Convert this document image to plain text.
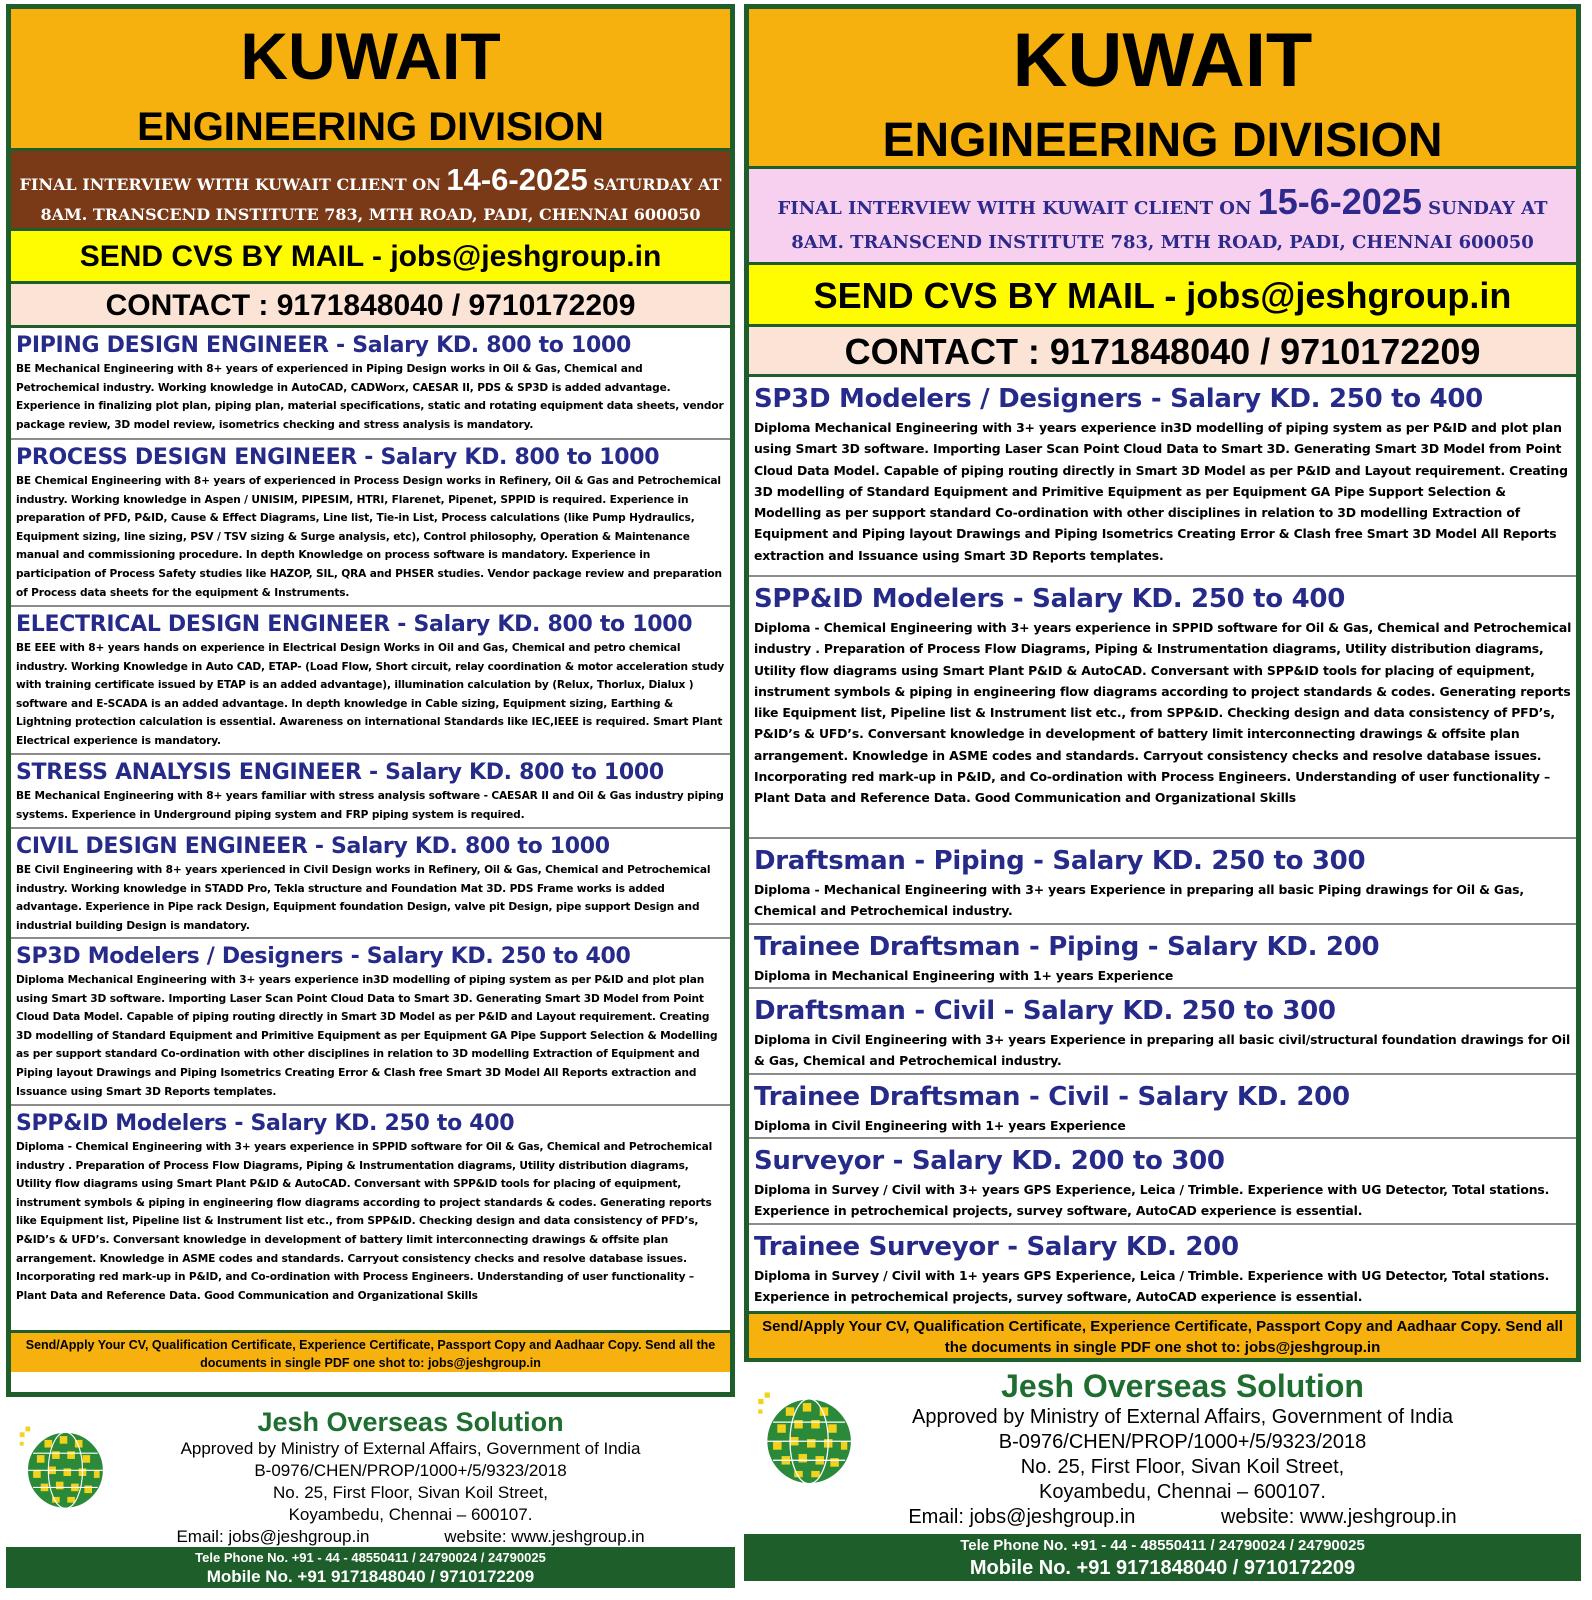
KUWAIT
ENGINEERING DIVISION
FINAL INTERVIEW WITH KUWAIT CLIENT ON 14-6-2025 SATURDAY AT 8AM. TRANSCEND INSTITUTE 783, MTH ROAD, PADI, CHENNAI 600050
SEND CVS BY MAIL - jobs@jeshgroup.in
CONTACT : 9171848040 / 9710172209
PIPING DESIGN ENGINEER - Salary KD. 800 to 1000
BE Mechanical Engineering with 8+ years of experienced in Piping Design works in Oil & Gas, Chemical and Petrochemical industry. Working knowledge in AutoCAD, CADWorx, CAESAR II, PDS & SP3D is added advantage. Experience in finalizing plot plan, piping plan, material specifications, static and rotating equipment data sheets, vendor package review, 3D model review, isometrics checking and stress analysis is mandatory.
PROCESS DESIGN ENGINEER - Salary KD. 800 to 1000
BE Chemical Engineering with 8+ years of experienced in Process Design works in Refinery, Oil & Gas and Petrochemical industry. Working knowledge in Aspen / UNISIM, PIPESIM, HTRI, Flarenet, Pipenet, SPPID is required. Experience in preparation of PFD, P&ID, Cause & Effect Diagrams, Line list, Tie-in List, Process calculations (like Pump Hydraulics, Equipment sizing, line sizing, PSV / TSV sizing & Surge analysis, etc), Control philosophy, Operation & Maintenance manual and commissioning procedure. In depth Knowledge on process software is mandatory. Experience in participation of Process Safety studies like HAZOP, SIL, QRA and PHSER studies. Vendor package review and preparation of Process data sheets for the equipment & Instruments.
ELECTRICAL DESIGN ENGINEER - Salary KD. 800 to 1000
BE EEE with 8+ years hands on experience in Electrical Design Works in Oil and Gas, Chemical and petro chemical industry. Working Knowledge in Auto CAD, ETAP- (Load Flow, Short circuit, relay coordination & motor acceleration study with training certificate issued by ETAP is an added advantage), illumination calculation by (Relux, Thorlux, Dialux ) software and E-SCADA is an added advantage. In depth knowledge in Cable sizing, Equipment sizing, Earthing & Lightning protection calculation is essential. Awareness on international Standards like IEC,IEEE is required. Smart Plant Electrical experience is mandatory.
STRESS ANALYSIS ENGINEER - Salary KD. 800 to 1000
BE Mechanical Engineering with 8+ years familiar with stress analysis software - CAESAR II and Oil & Gas industry piping systems. Experience in Underground piping system and FRP piping system is required.
CIVIL DESIGN ENGINEER - Salary KD. 800 to 1000
BE Civil Engineering with 8+ years xperienced in Civil Design works in Refinery, Oil & Gas, Chemical and Petrochemical industry. Working knowledge in STADD Pro, Tekla structure and Foundation Mat 3D. PDS Frame works is added advantage. Experience in Pipe rack Design, Equipment foundation Design, valve pit Design, pipe support Design and industrial building Design is mandatory.
SP3D Modelers / Designers - Salary KD. 250 to 400
Diploma Mechanical Engineering with 3+ years experience in3D modelling of piping system as per P&ID and plot plan using Smart 3D software. Importing Laser Scan Point Cloud Data to Smart 3D. Generating Smart 3D Model from Point Cloud Data Model. Capable of piping routing directly in Smart 3D Model as per P&ID and Layout requirement. Creating 3D modelling of Standard Equipment and Primitive Equipment as per Equipment GA Pipe Support Selection & Modelling as per support standard Co-ordination with other disciplines in relation to 3D modelling Extraction of Equipment and Piping layout Drawings and Piping Isometrics Creating Error & Clash free Smart 3D Model All Reports extraction and Issuance using Smart 3D Reports templates.
SPP&ID Modelers - Salary KD. 250 to 400
Diploma - Chemical Engineering with 3+ years experience in SPPID software for Oil & Gas, Chemical and Petrochemical industry . Preparation of Process Flow Diagrams, Piping & Instrumentation diagrams, Utility distribution diagrams, Utility flow diagrams using Smart Plant P&ID & AutoCAD. Conversant with SPP&ID tools for placing of equipment, instrument symbols & piping in engineering flow diagrams according to project standards & codes. Generating reports like Equipment list, Pipeline list & Instrument list etc., from SPP&ID. Checking design and data consistency of PFD’s, P&ID’s & UFD’s. Conversant knowledge in development of battery limit interconnecting drawings & offsite plan arrangement. Knowledge in ASME codes and standards. Carryout consistency checks and resolve database issues. Incorporating red mark-up in P&ID, and Co-ordination with Process Engineers. Understanding of user functionality – Plant Data and Reference Data. Good Communication and Organizational Skills
Send/Apply Your CV, Qualification Certificate, Experience Certificate, Passport Copy and Aadhaar Copy. Send all the documents in single PDF one shot to: jobs@jeshgroup.in
Jesh Overseas Solution
Approved by Ministry of External Affairs, Government of India
B-0976/CHEN/PROP/1000+/5/9323/2018
No. 25, First Floor, Sivan Koil Street,
Koyambedu, Chennai – 600107.
Email: jobs@jeshgroup.in	website: www.jeshgroup.in
Tele Phone No. +91 - 44 - 48550411 / 24790024 / 24790025
Mobile No. +91 9171848040 / 9710172209
KUWAIT
ENGINEERING DIVISION
FINAL INTERVIEW WITH KUWAIT CLIENT ON 15-6-2025 SUNDAY AT 8AM. TRANSCEND INSTITUTE 783, MTH ROAD, PADI, CHENNAI 600050
SEND CVS BY MAIL - jobs@jeshgroup.in
CONTACT : 9171848040 / 9710172209
SP3D Modelers / Designers - Salary KD. 250 to 400
Diploma Mechanical Engineering with 3+ years experience in3D modelling of piping system as per P&ID and plot plan using Smart 3D software. Importing Laser Scan Point Cloud Data to Smart 3D. Generating Smart 3D Model from Point Cloud Data Model. Capable of piping routing directly in Smart 3D Model as per P&ID and Layout requirement. Creating 3D modelling of Standard Equipment and Primitive Equipment as per Equipment GA Pipe Support Selection & Modelling as per support standard Co-ordination with other disciplines in relation to 3D modelling Extraction of Equipment and Piping layout Drawings and Piping Isometrics Creating Error & Clash free Smart 3D Model All Reports extraction and Issuance using Smart 3D Reports templates.
SPP&ID Modelers - Salary KD. 250 to 400
Diploma - Chemical Engineering with 3+ years experience in SPPID software for Oil & Gas, Chemical and Petrochemical industry . Preparation of Process Flow Diagrams, Piping & Instrumentation diagrams, Utility distribution diagrams, Utility flow diagrams using Smart Plant P&ID & AutoCAD. Conversant with SPP&ID tools for placing of equipment, instrument symbols & piping in engineering flow diagrams according to project standards & codes. Generating reports like Equipment list, Pipeline list & Instrument list etc., from SPP&ID. Checking design and data consistency of PFD’s, P&ID’s & UFD’s. Conversant knowledge in development of battery limit interconnecting drawings & offsite plan arrangement. Knowledge in ASME codes and standards. Carryout consistency checks and resolve database issues. Incorporating red mark-up in P&ID, and Co-ordination with Process Engineers. Understanding of user functionality – Plant Data and Reference Data. Good Communication and Organizational Skills
Draftsman - Piping - Salary KD. 250 to 300
Diploma - Mechanical Engineering with 3+ years Experience in preparing all basic Piping drawings for Oil & Gas, Chemical and Petrochemical industry.
Trainee Draftsman - Piping - Salary KD. 200
Diploma in Mechanical Engineering with 1+ years Experience
Draftsman - Civil - Salary KD. 250 to 300
Diploma in Civil Engineering with 3+ years Experience in preparing all basic civil/structural foundation drawings for Oil & Gas, Chemical and Petrochemical industry.
Trainee Draftsman - Civil - Salary KD. 200
Diploma in Civil Engineering with 1+ years Experience
Surveyor - Salary KD. 200 to 300
Diploma in Survey / Civil with 3+ years GPS Experience, Leica / Trimble. Experience with UG Detector, Total stations. Experience in petrochemical projects, survey software, AutoCAD experience is essential.
Trainee Surveyor - Salary KD. 200
Diploma in Survey / Civil with 1+ years GPS Experience, Leica / Trimble. Experience with UG Detector, Total stations. Experience in petrochemical projects, survey software, AutoCAD experience is essential.
Send/Apply Your CV, Qualification Certificate, Experience Certificate, Passport Copy and Aadhaar Copy. Send all the documents in single PDF one shot to: jobs@jeshgroup.in
Jesh Overseas Solution
Approved by Ministry of External Affairs, Government of India
B-0976/CHEN/PROP/1000+/5/9323/2018
No. 25, First Floor, Sivan Koil Street,
Koyambedu, Chennai – 600107.
Email: jobs@jeshgroup.in	website: www.jeshgroup.in
Tele Phone No. +91 - 44 - 48550411 / 24790024 / 24790025
Mobile No. +91 9171848040 / 9710172209
